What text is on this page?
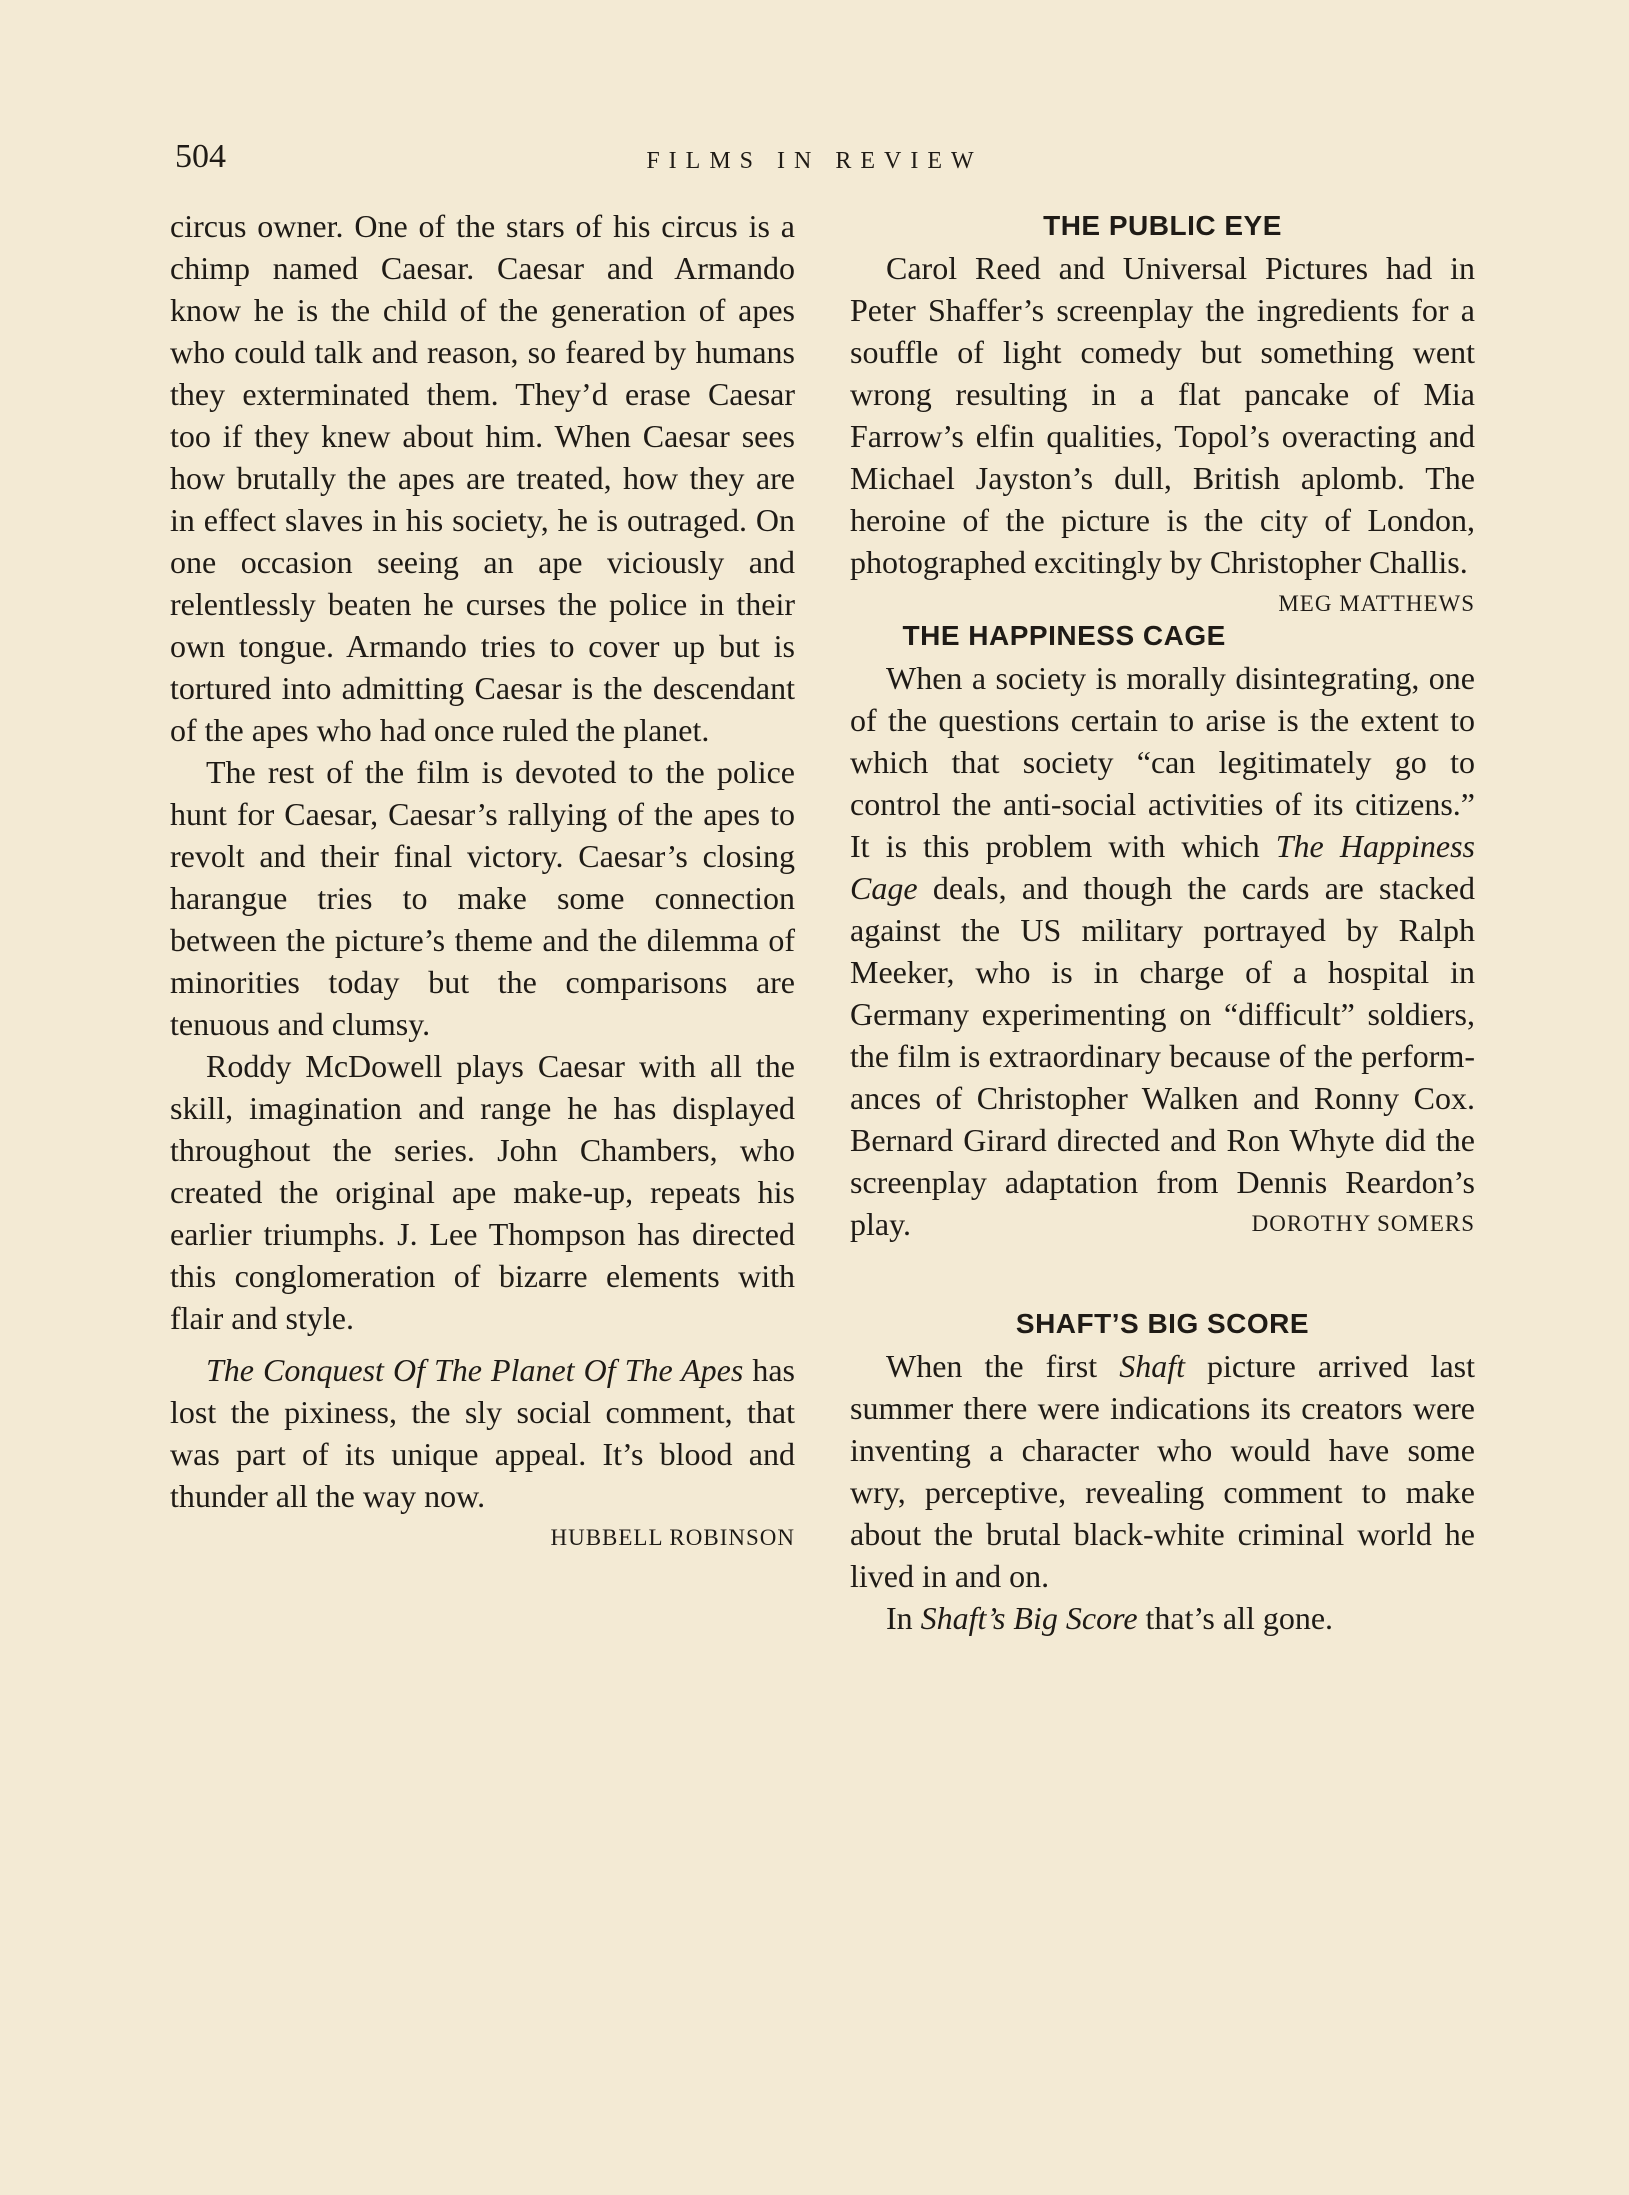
504	FILMS IN REVIEW

circus owner. One of the stars of his circus is a chimp named Caesar. Caesar and Armando know he is the child of the generation of apes who could talk and reason, so feared by humans they exterminated them. They’d erase Caesar too if they knew about him. When Caesar sees how brutally the apes are treated, how they are in effect slaves in his society, he is outraged. On one occasion seeing an ape viciously and relentlessly beaten he curses the police in their own tongue. Armando tries to cover up but is tortured into admitting Caesar is the descendant of the apes who had once ruled the planet.

The rest of the film is devoted to the police hunt for Caesar, Caesar’s rallying of the apes to revolt and their final victory. Caesar’s closing harangue tries to make some connection between the picture’s theme and the dilemma of minorities today but the comparisons are tenuous and clumsy.

Roddy McDowell plays Caesar with all the skill, imagination and range he has displayed throughout the series. John Chambers, who created the original ape make-up, repeats his earlier triumphs. J. Lee Thompson has directed this conglomeration of bizarre elements with flair and style.

The Conquest Of The Planet Of The Apes has lost the pixiness, the sly social comment, that was part of its unique appeal. It’s blood and thunder all the way now.

HUBBELL ROBINSON

THE PUBLIC EYE

Carol Reed and Universal Pictures had in Peter Shaffer’s screenplay the ingredients for a souffle of light comedy but something went wrong resulting in a flat pancake of Mia Farrow’s elfin qualities, Topol’s overacting and Michael Jayston’s dull, British aplomb. The heroine of the picture is the city of London, photographed excitingly by Christopher Challis.
MEG MATTHEWS

THE HAPPINESS CAGE

When a society is morally disintegrating, one of the questions certain to arise is the extent to which that society “can legitimately go to control the anti-social activities of its citizens.” It is this problem with which The Happiness Cage deals, and though the cards are stacked against the US military portrayed by Ralph Meeker, who is in charge of a hospital in Germany experimenting on “difficult” soldiers, the film is extraordinary because of the performances of Christopher Walken and Ronny Cox. Bernard Girard directed and Ron Whyte did the screenplay adaptation from Dennis Reardon’s play.	DOROTHY SOMERS

SHAFT’S BIG SCORE

When the first Shaft picture arrived last summer there were indications its creators were inventing a character who would have some wry, perceptive, revealing comment to make about the brutal black-white criminal world he lived in and on.

In Shaft’s Big Score that’s all gone.
